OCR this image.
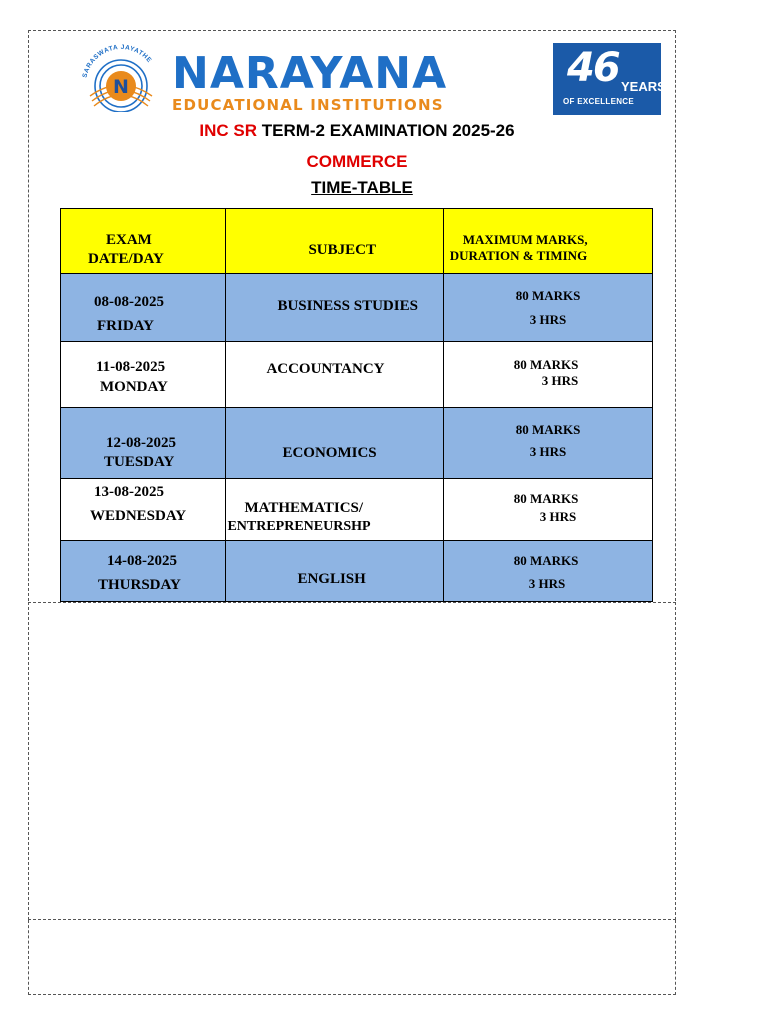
SARASWATA JAYATHE
N NARAYANA
EDUCATIONAL INSTITUTIONS
46 YEARS
OF EXCELLENCE
INC SR TERM-2 EXAMINATION 2025-26
COMMERCE
TIME-TABLE
EXAM
DATE/DAY	SUBJECT	MAXIMUM MARKS,
DURATION & TIMING

08-08-2025
FRIDAY	BUSINESS STUDIES	80 MARKS
3 HRS

11-08-2025
MONDAY	ACCOUNTANCY	80 MARKS
3 HRS

12-08-2025
TUESDAY	ECONOMICS	80 MARKS
3 HRS

13-08-2025
WEDNESDAY	MATHEMATICS/
ENTREPRENEURSHP	80 MARKS
3 HRS

14-08-2025
THURSDAY	ENGLISH	80 MARKS
3 HRS
